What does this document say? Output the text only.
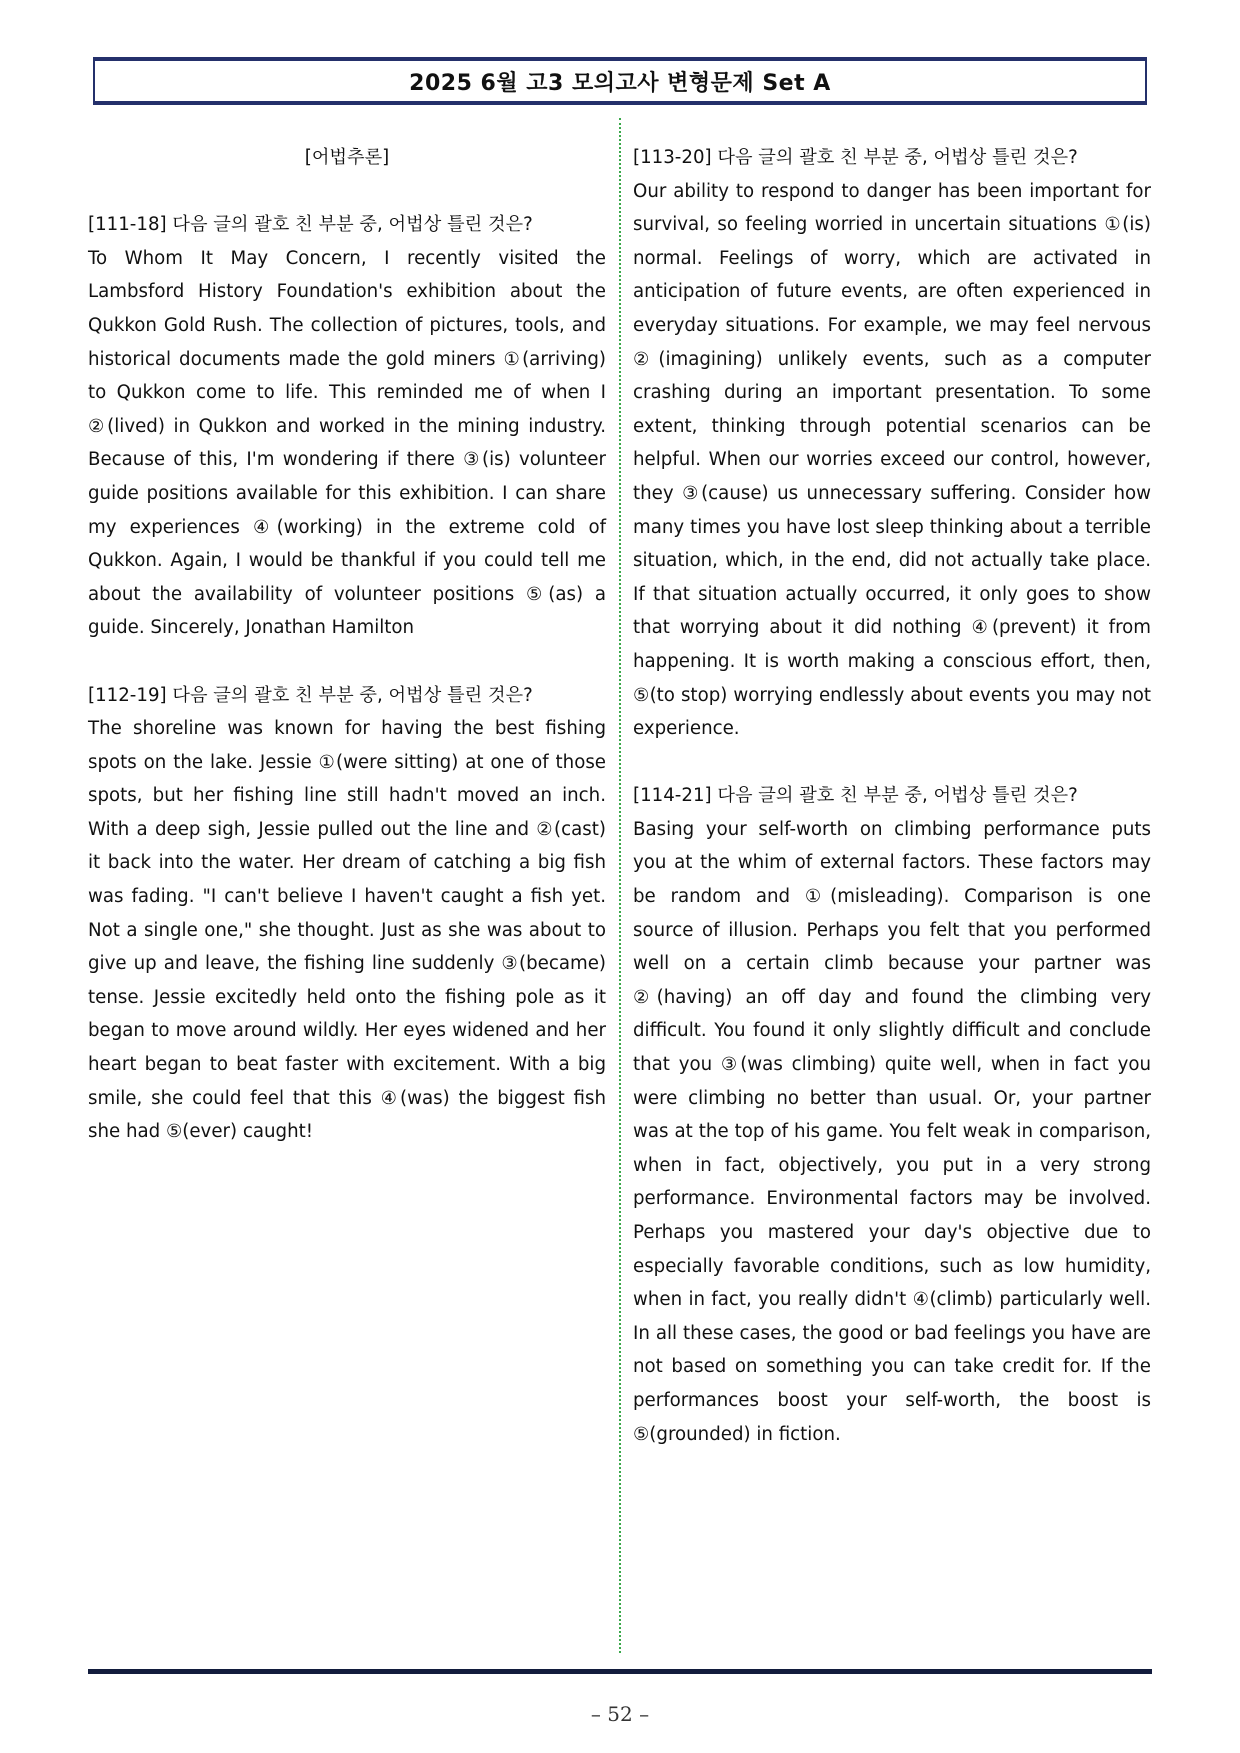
2025 6월 고3 모의고사 변형문제 Set A

[어법추론]

[111-18] 다음 글의 괄호 친 부분 중, 어법상 틀린 것은?

To Whom It May Concern, I recently visited the Lambsford History Foundation's exhibition about the Qukkon Gold Rush. The collection of pictures, tools, and historical documents made the gold miners ①(arriving) to Qukkon come to life. This reminded me of when I ②(lived) in Qukkon and worked in the mining industry. Because of this, I'm wondering if there ③(is) volunteer guide positions available for this exhibition. I can share my experiences ④(working) in the extreme cold of Qukkon. Again, I would be thankful if you could tell me about the availability of volunteer positions ⑤(as) a guide. Sincerely, Jonathan Hamilton

[112-19] 다음 글의 괄호 친 부분 중, 어법상 틀린 것은?

The shoreline was known for having the best fishing spots on the lake. Jessie ①(were sitting) at one of those spots, but her fishing line still hadn't moved an inch. With a deep sigh, Jessie pulled out the line and ②(cast) it back into the water. Her dream of catching a big fish was fading. "I can't believe I haven't caught a fish yet. Not a single one," she thought. Just as she was about to give up and leave, the fishing line suddenly ③(became) tense. Jessie excitedly held onto the fishing pole as it began to move around wildly. Her eyes widened and her heart began to beat faster with excitement. With a big smile, she could feel that this ④(was) the biggest fish she had ⑤(ever) caught!

[113-20] 다음 글의 괄호 친 부분 중, 어법상 틀린 것은?

Our ability to respond to danger has been important for survival, so feeling worried in uncertain situations ①(is) normal. Feelings of worry, which are activated in anticipation of future events, are often experienced in everyday situations. For example, we may feel nervous ②(imagining) unlikely events, such as a computer crashing during an important presentation. To some extent, thinking through potential scenarios can be helpful. When our worries exceed our control, however, they ③(cause) us unnecessary suffering. Consider how many times you have lost sleep thinking about a terrible situation, which, in the end, did not actually take place. If that situation actually occurred, it only goes to show that worrying about it did nothing ④(prevent) it from happening. It is worth making a conscious effort, then, ⑤(to stop) worrying endlessly about events you may not experience.

[114-21] 다음 글의 괄호 친 부분 중, 어법상 틀린 것은?

Basing your self-worth on climbing performance puts you at the whim of external factors. These factors may be random and ①(misleading). Comparison is one source of illusion. Perhaps you felt that you performed well on a certain climb because your partner was ②(having) an off day and found the climbing very difficult. You found it only slightly difficult and conclude that you ③(was climbing) quite well, when in fact you were climbing no better than usual. Or, your partner was at the top of his game. You felt weak in comparison, when in fact, objectively, you put in a very strong performance. Environmental factors may be involved. Perhaps you mastered your day's objective due to especially favorable conditions, such as low humidity, when in fact, you really didn't ④(climb) particularly well. In all these cases, the good or bad feelings you have are not based on something you can take credit for. If the performances boost your self-worth, the boost is ⑤(grounded) in fiction.

– 52 –
